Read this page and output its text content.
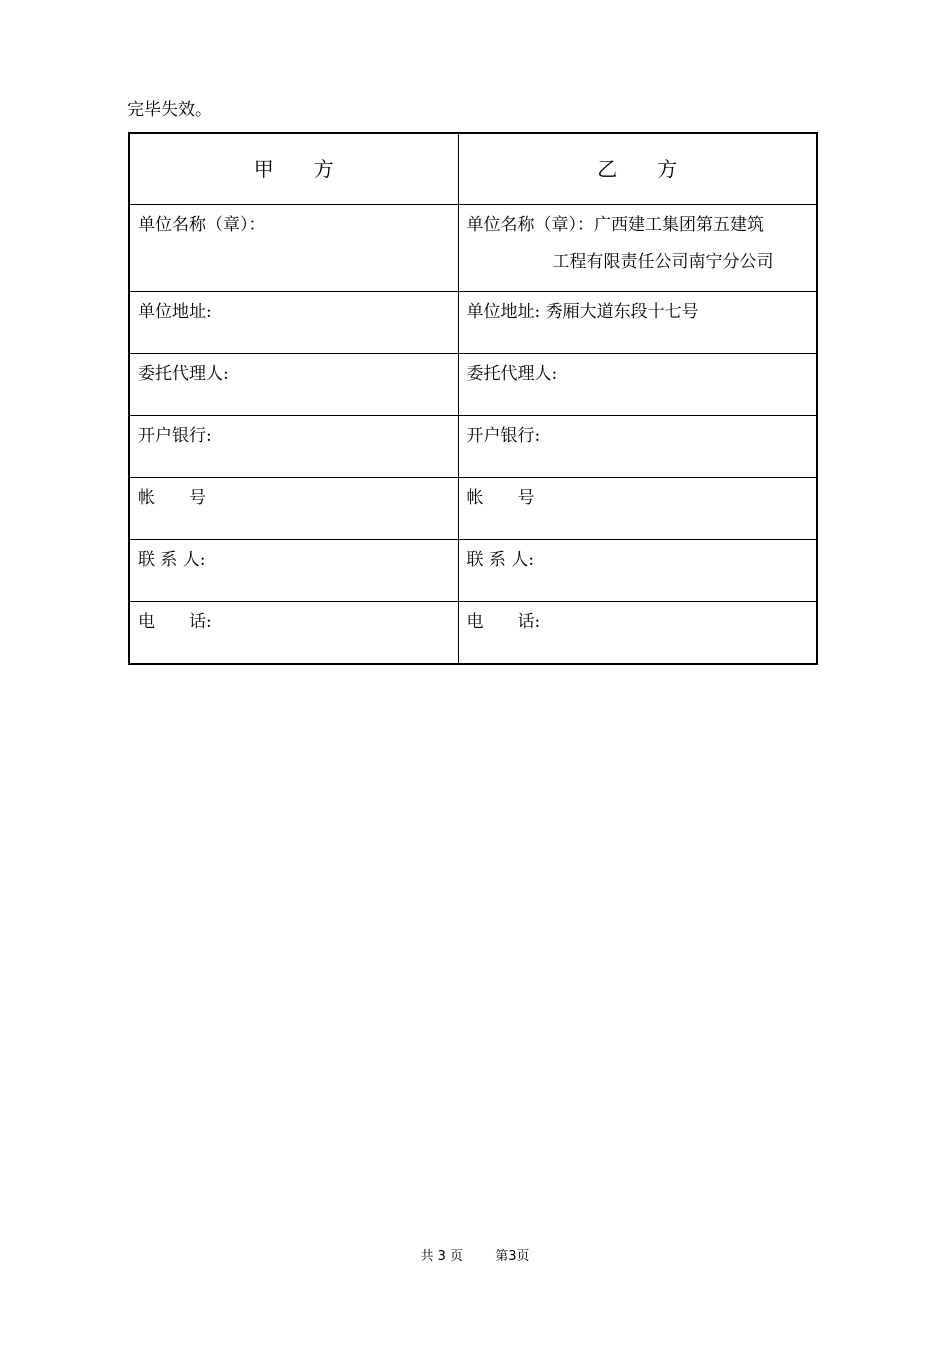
完毕失效。
甲　　方	乙　　方
单位名称（章）：	单位名称（章）：广西建工集团第五建筑
工程有限责任公司南宁分公司

单位地址:	单位地址: 秀厢大道东段十七号
委托代理人:	委托代理人:
开户银行:	开户银行:
帐　　号	帐　　号
联 系 人:	联 系 人:
电　　话:	电　　话:
共 3 页 第3页
